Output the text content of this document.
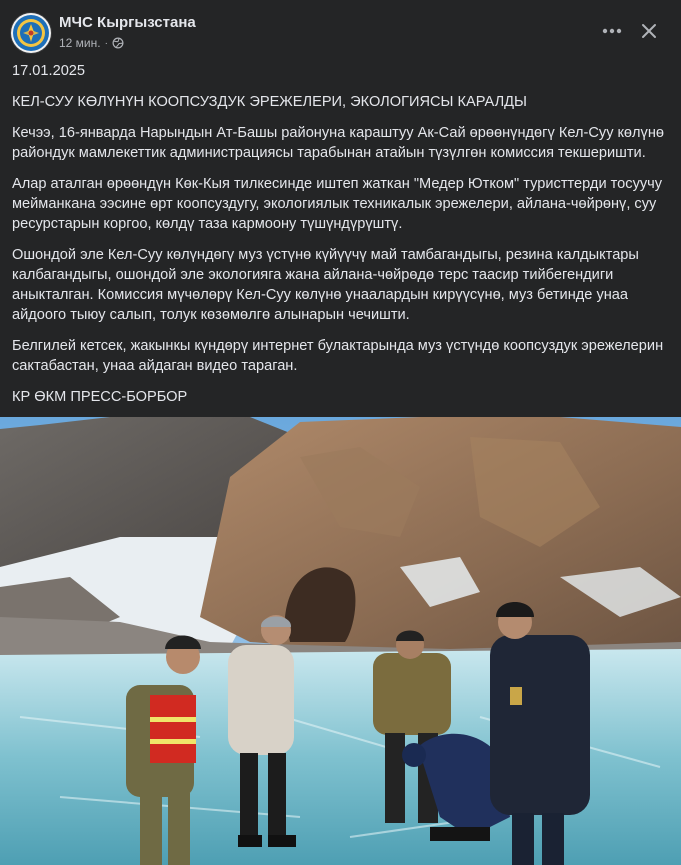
МЧС Кыргызстана
12 мин. ·

17.01.2025

КЕЛ-СУУ КӨЛҮНҮН КООПСУЗДУК ЭРЕЖЕЛЕРИ, ЭКОЛОГИЯСЫ КАРАЛДЫ

Кечээ, 16-январда Нарындын Ат-Башы районуна караштуу Ак-Сай өрөөнүндөгү Кел-Суу көлүнө райондук мамлекеттик администрациясы тарабынан атайын түзүлгөн комиссия текшеришти.

Алар аталган өрөөндүн Көк-Кыя тилкесинде иштеп жаткан "Медер Ютком" туристтерди тосуучу мейманкана ээсине өрт коопсуздугу, экологиялык техникалык эрежелери, айлана-чөйрөнү, суу ресурстарын коргоо, көлдү таза кармоону түшүндүрүштү.

Ошондой эле Кел-Суу көлүндөгү муз үстүнө күйүүчү май тамбагандыгы, резина калдыктары калбагандыгы, ошондой эле экологияга жана айлана-чөйрөдө терс таасир тийбегендиги аныкталган. Комиссия мүчөлөрү Кел-Суу көлүнө унаалардын кирүүсүнө, муз бетинде унаа айдоого тыюу салып, толук көзөмөлгө алынарын чечишти.

Белгилей кетсек, жакынкы күндөрү интернет булактарында муз үстүндө коопсуздук эрежелерин сактабастан, унаа айдаган видео тараган.

КР ӨКМ ПРЕСС-БОРБОР
